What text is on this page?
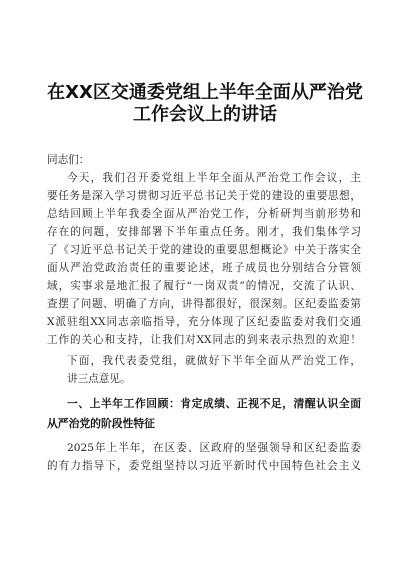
在XX区交通委党组上半年全面从严治党
工作会议上的讲话
同志们：
今天，我们召开委党组上半年全面从严治党工作会议，主
要任务是深入学习贯彻习近平总书记关于党的建设的重要思想，
总结回顾上半年我委全面从严治党工作，分析研判当前形势和
存在的问题，安排部署下半年重点任务。刚才，我们集体学习
了《习近平总书记关于党的建设的重要思想概论》中关于落实全
面从严治党政治责任的重要论述，班子成员也分别结合分管领
域，实事求是地汇报了履行“一岗双责”的情况，交流了认识、
查摆了问题、明确了方向，讲得都很好，很深刻。区纪委监委第
X派驻组XX同志亲临指导，充分体现了区纪委监委对我们交通
工作的关心和支持，让我们对XX同志的到来表示热烈的欢迎！
下面，我代表委党组，就做好下半年全面从严治党工作，
讲三点意见。
一、上半年工作回顾：肯定成绩、正视不足，清醒认识全面
从严治党的阶段性特征
2025年上半年，在区委、区政府的坚强领导和区纪委监委
的有力指导下，委党组坚持以习近平新时代中国特色社会主义
